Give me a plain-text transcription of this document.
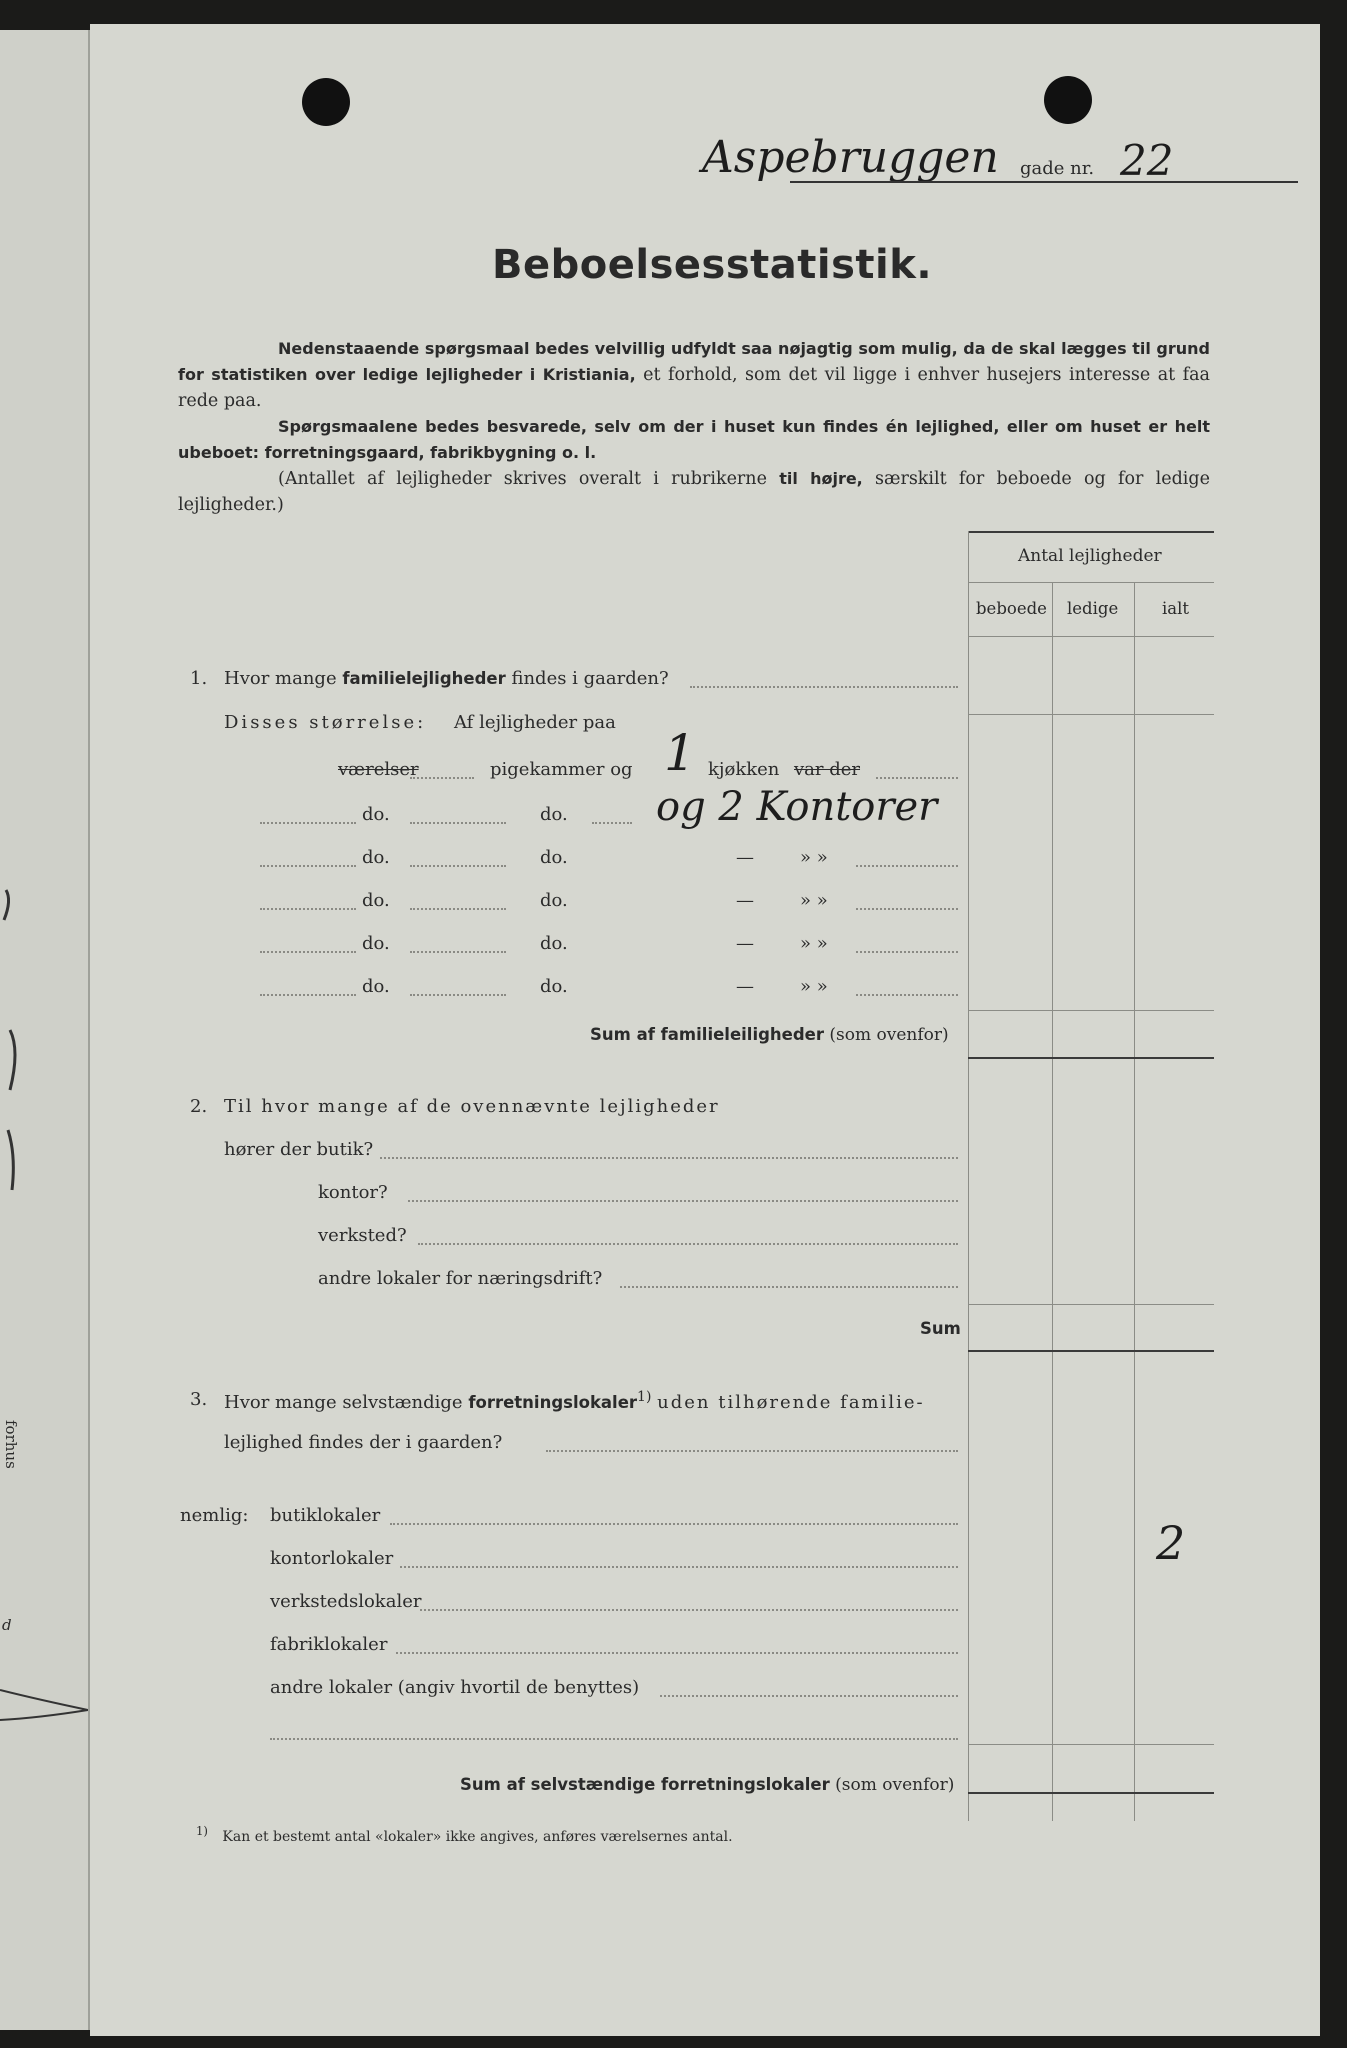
forhus
d
Aspebruggen gade nr. 22
Beboelsesstatistik.
Nedenstaaende spørgsmaal bedes velvillig udfyldt saa nøjagtig som mulig, da de skal lægges til grund for statistiken over ledige lejligheder i Kristiania, et forhold, som det vil ligge i enhver husejers interesse at faa rede paa.
Spørgsmaalene bedes besvarede, selv om der i huset kun findes én lejlighed, eller om huset er helt ubeboet: forretningsgaard, fabrikbygning o. l.
(Antallet af lejligheder skrives overalt i rubrikerne til højre, særskilt for beboede og for ledige lejligheder.)
Antal lejligheder
beboede ledige	ialt
1. Hvor mange familielejligheder findes i gaarden?
Disses størrelse: Af lejligheder paa
værelser	pigekammer og 1 kjøkken var der
og 2 Kontorer
do.	do.
do.	do.	—	» »
do.	do.	—	» »
do.	do.	—	» »
do.	do.	—	» »
Sum af familieleiligheder (som ovenfor)
2. Til hvor mange af de ovennævnte lejligheder
hører der butik?
kontor?
verksted?
andre lokaler for næringsdrift?
Sum
3. Hvor mange selvstændige forretningslokaler$^{1)}$ uden tilhørende familie-
lejlighed findes der i gaarden?
nemlig: butiklokaler
kontorlokaler
verkstedslokaler
fabriklokaler
andre lokaler (angiv hvortil de benyttes)
2
Sum af selvstændige forretningslokaler (som ovenfor)
$^{1)}$ Kan et bestemt antal «lokaler» ikke angives, anføres værelsernes antal.
